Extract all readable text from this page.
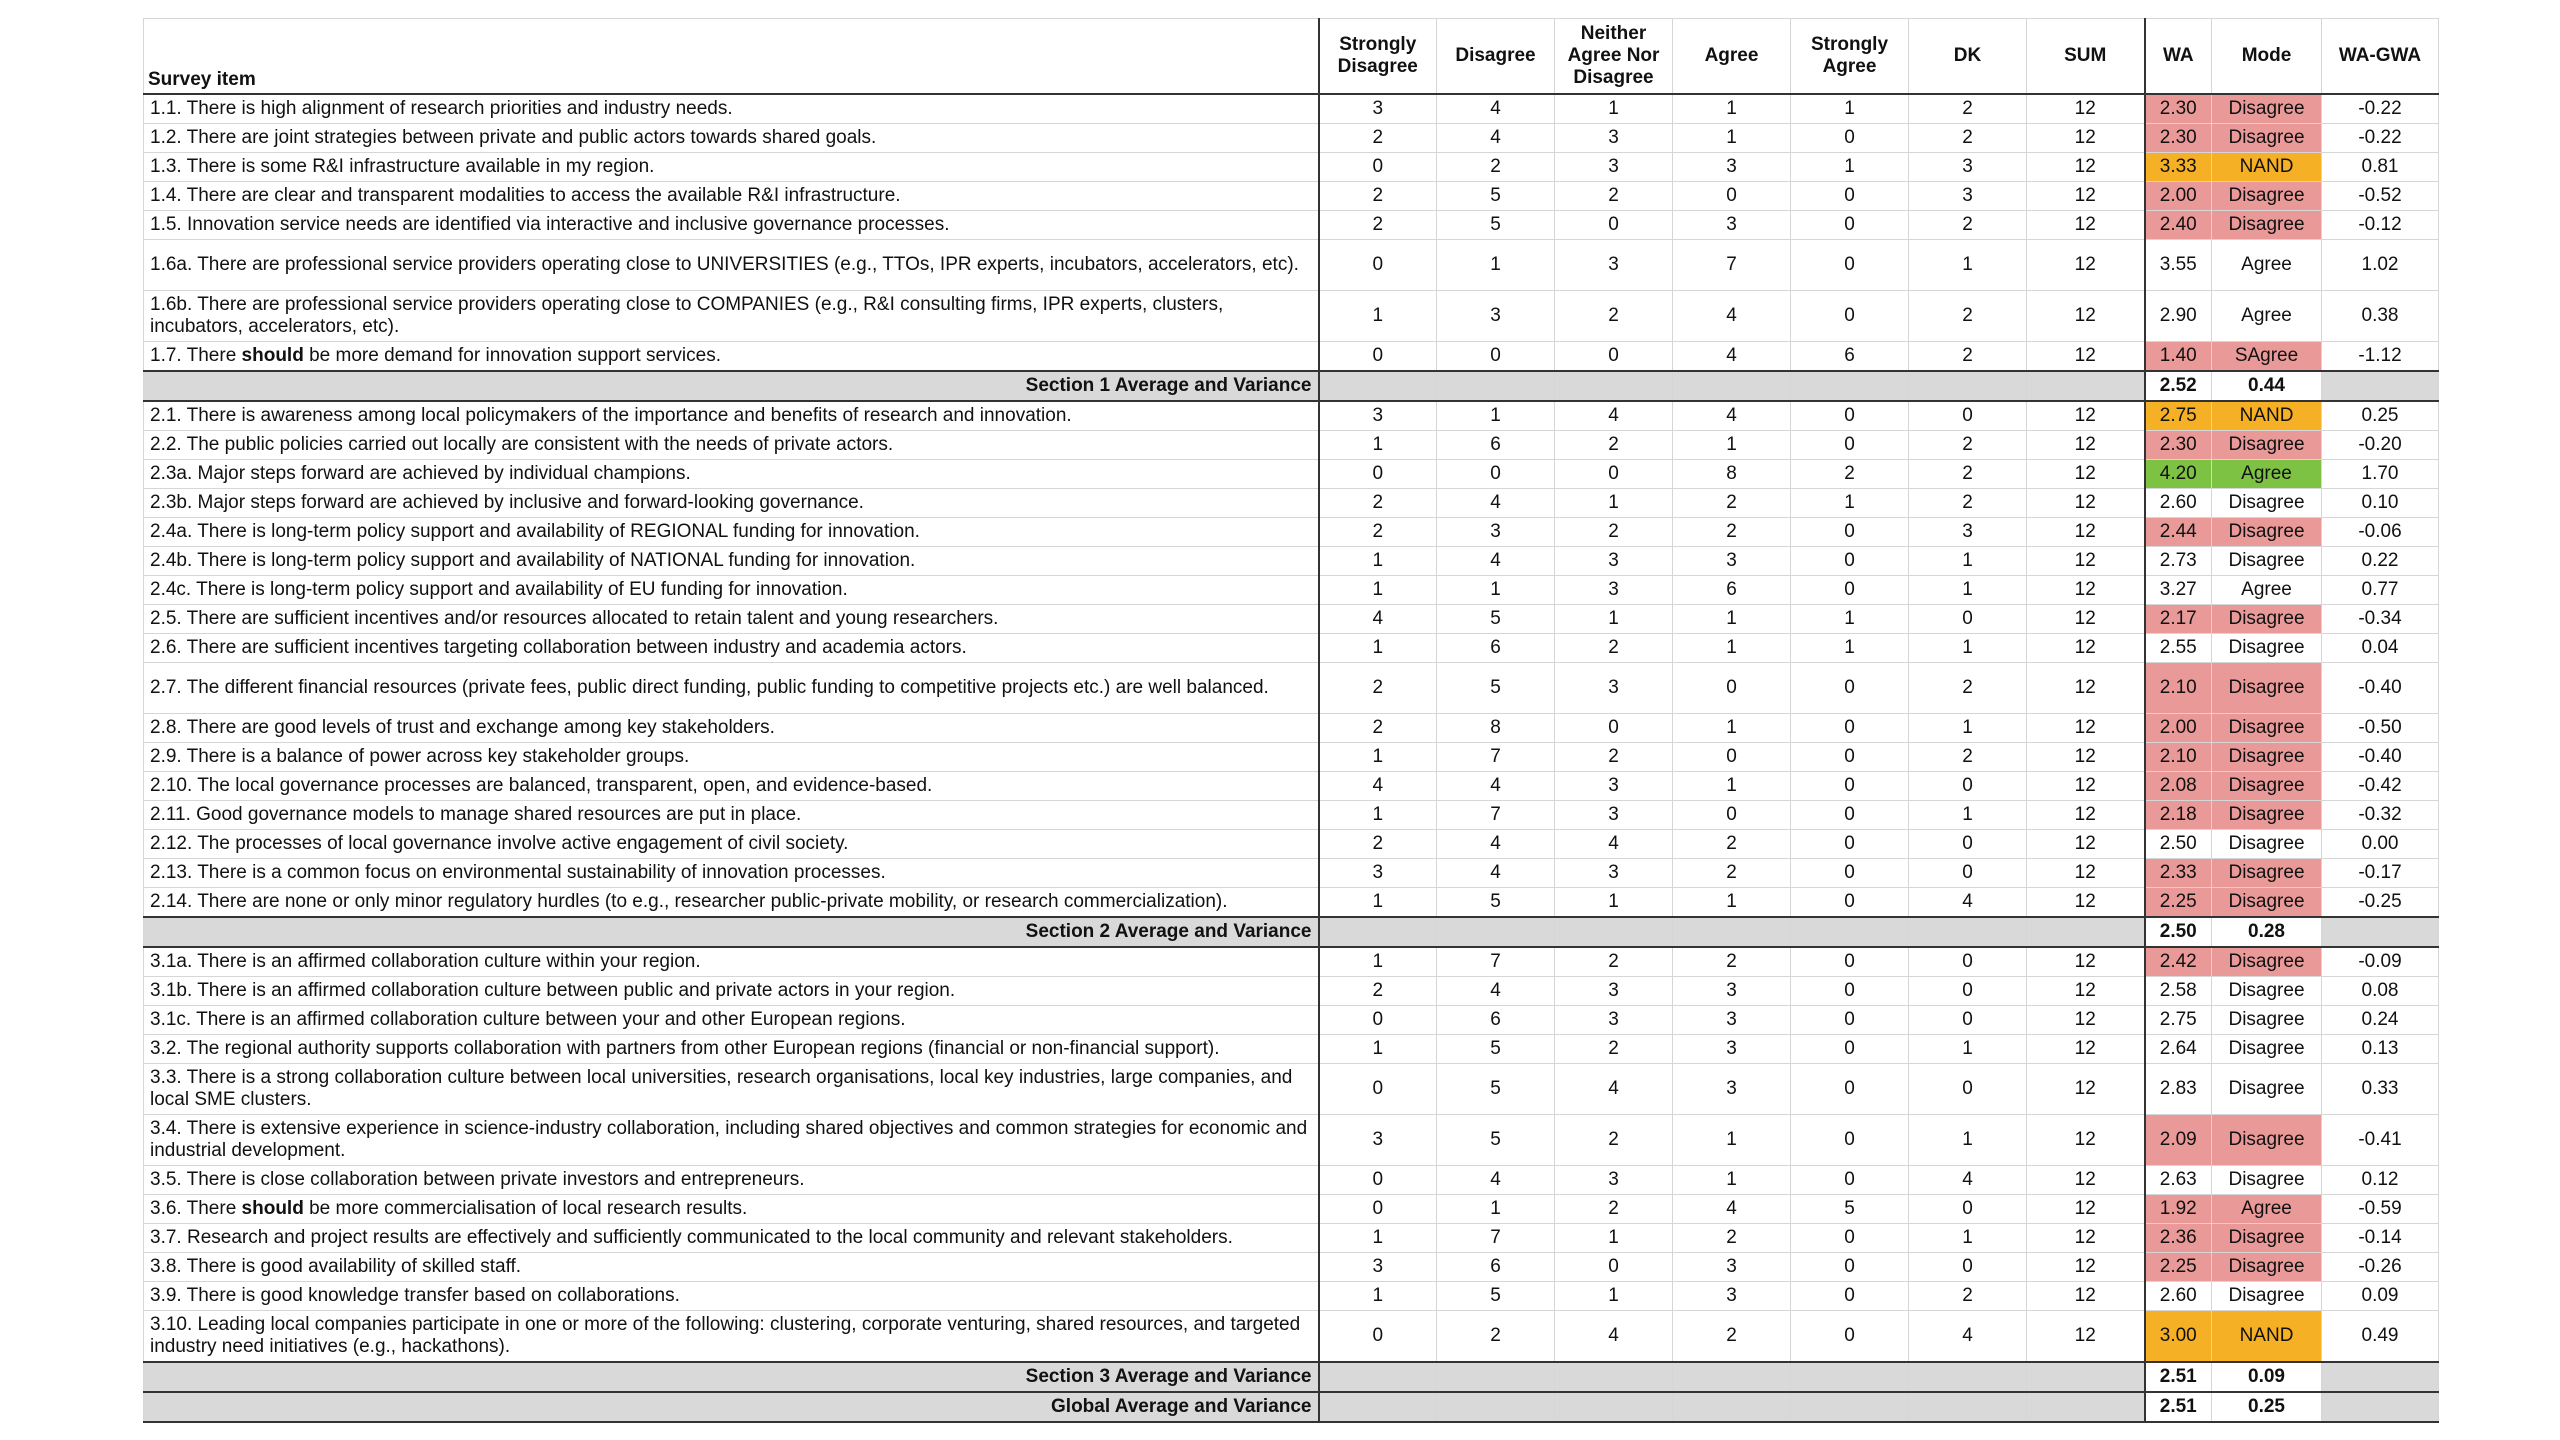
Survey item	Strongly Disagree	Disagree	Neither Agree Nor Disagree	Agree	Strongly Agree	DK	SUM	WA	Mode	WA-GWA
1.1. There is high alignment of research priorities and industry needs.	3	4	1	1	1	2	12	2.30	Disagree	-0.22
1.2. There are joint strategies between private and public actors towards shared goals.	2	4	3	1	0	2	12	2.30	Disagree	-0.22
1.3. There is some R&I infrastructure available in my region.	0	2	3	3	1	3	12	3.33	NAND	0.81
1.4. There are clear and transparent modalities to access the available R&I infrastructure.	2	5	2	0	0	3	12	2.00	Disagree	-0.52
1.5. Innovation service needs are identified via interactive and inclusive governance processes.	2	5	0	3	0	2	12	2.40	Disagree	-0.12
1.6a. There are professional service providers operating close to UNIVERSITIES (e.g., TTOs, IPR experts, incubators, accelerators, etc).	0	1	3	7	0	1	12	3.55	Agree	1.02
1.6b. There are professional service providers operating close to COMPANIES (e.g., R&I consulting firms, IPR experts, clusters, incubators, accelerators, etc).	1	3	2	4	0	2	12	2.90	Agree	0.38
1.7. There should be more demand for innovation support services.	0	0	0	4	6	2	12	1.40	SAgree	-1.12
Section 1 Average and Variance								2.52	0.44	
2.1. There is awareness among local policymakers of the importance and benefits of research and innovation.	3	1	4	4	0	0	12	2.75	NAND	0.25
2.2. The public policies carried out locally are consistent with the needs of private actors.	1	6	2	1	0	2	12	2.30	Disagree	-0.20
2.3a. Major steps forward are achieved by individual champions.	0	0	0	8	2	2	12	4.20	Agree	1.70
2.3b. Major steps forward are achieved by inclusive and forward-looking governance.	2	4	1	2	1	2	12	2.60	Disagree	0.10
2.4a. There is long-term policy support and availability of REGIONAL funding for innovation.	2	3	2	2	0	3	12	2.44	Disagree	-0.06
2.4b. There is long-term policy support and availability of NATIONAL funding for innovation.	1	4	3	3	0	1	12	2.73	Disagree	0.22
2.4c. There is long-term policy support and availability of EU funding for innovation.	1	1	3	6	0	1	12	3.27	Agree	0.77
2.5. There are sufficient incentives and/or resources allocated to retain talent and young researchers.	4	5	1	1	1	0	12	2.17	Disagree	-0.34
2.6. There are sufficient incentives targeting collaboration between industry and academia actors.	1	6	2	1	1	1	12	2.55	Disagree	0.04
2.7. The different financial resources (private fees, public direct funding, public funding to competitive projects etc.) are well balanced.	2	5	3	0	0	2	12	2.10	Disagree	-0.40
2.8. There are good levels of trust and exchange among key stakeholders.	2	8	0	1	0	1	12	2.00	Disagree	-0.50
2.9. There is a balance of power across key stakeholder groups.	1	7	2	0	0	2	12	2.10	Disagree	-0.40
2.10. The local governance processes are balanced, transparent, open, and evidence-based.	4	4	3	1	0	0	12	2.08	Disagree	-0.42
2.11. Good governance models to manage shared resources are put in place.	1	7	3	0	0	1	12	2.18	Disagree	-0.32
2.12. The processes of local governance involve active engagement of civil society.	2	4	4	2	0	0	12	2.50	Disagree	0.00
2.13. There is a common focus on environmental sustainability of innovation processes.	3	4	3	2	0	0	12	2.33	Disagree	-0.17
2.14. There are none or only minor regulatory hurdles (to e.g., researcher public-private mobility, or research commercialization).	1	5	1	1	0	4	12	2.25	Disagree	-0.25
Section 2 Average and Variance								2.50	0.28	
3.1a. There is an affirmed collaboration culture within your region.	1	7	2	2	0	0	12	2.42	Disagree	-0.09
3.1b. There is an affirmed collaboration culture between public and private actors in your region.	2	4	3	3	0	0	12	2.58	Disagree	0.08
3.1c. There is an affirmed collaboration culture between your and other European regions.	0	6	3	3	0	0	12	2.75	Disagree	0.24
3.2. The regional authority supports collaboration with partners from other European regions (financial or non-financial support).	1	5	2	3	0	1	12	2.64	Disagree	0.13
3.3. There is a strong collaboration culture between local universities, research organisations, local key industries, large companies, and local SME clusters.	0	5	4	3	0	0	12	2.83	Disagree	0.33
3.4. There is extensive experience in science-industry collaboration, including shared objectives and common strategies for economic and industrial development.	3	5	2	1	0	1	12	2.09	Disagree	-0.41
3.5. There is close collaboration between private investors and entrepreneurs.	0	4	3	1	0	4	12	2.63	Disagree	0.12
3.6. There should be more commercialisation of local research results.	0	1	2	4	5	0	12	1.92	Agree	-0.59
3.7. Research and project results are effectively and sufficiently communicated to the local community and relevant stakeholders.	1	7	1	2	0	1	12	2.36	Disagree	-0.14
3.8. There is good availability of skilled staff.	3	6	0	3	0	0	12	2.25	Disagree	-0.26
3.9. There is good knowledge transfer based on collaborations.	1	5	1	3	0	2	12	2.60	Disagree	0.09
3.10. Leading local companies participate in one or more of the following: clustering, corporate venturing, shared resources, and targeted industry need initiatives (e.g., hackathons).	0	2	4	2	0	4	12	3.00	NAND	0.49
Section 3 Average and Variance								2.51	0.09	
Global Average and Variance								2.51	0.25	
